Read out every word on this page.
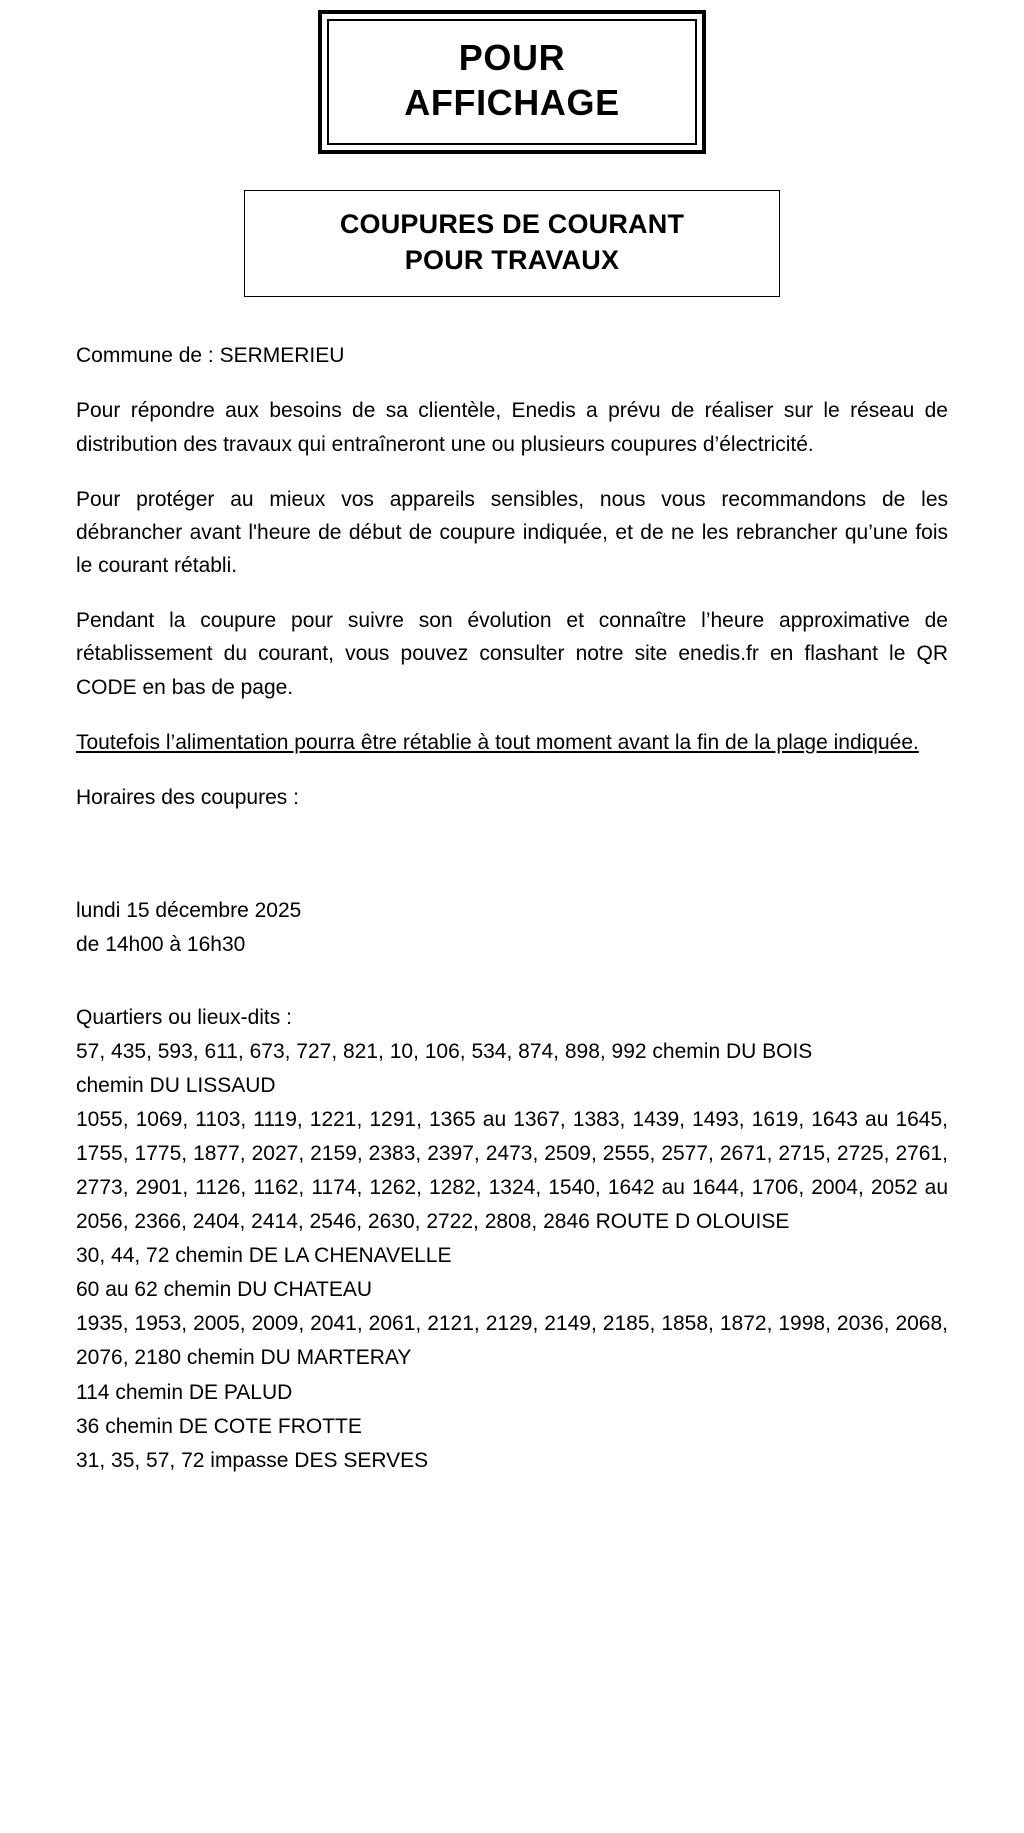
POUR
AFFICHAGE
COUPURES DE COURANT
POUR TRAVAUX

Commune de : SERMERIEU

Pour répondre aux besoins de sa clientèle, Enedis a prévu de réaliser sur le réseau de distribution des travaux qui entraîneront une ou plusieurs coupures d’électricité.

Pour protéger au mieux vos appareils sensibles, nous vous recommandons de les débrancher avant l'heure de début de coupure indiquée, et de ne les rebrancher qu’une fois le courant rétabli.

Pendant la coupure pour suivre son évolution et connaître l’heure approximative de rétablissement du courant, vous pouvez consulter notre site enedis.fr en flashant le QR CODE en bas de page.

Toutefois l’alimentation pourra être rétablie à tout moment avant la fin de la plage indiquée.

Horaires des coupures :

lundi 15 décembre 2025

de 14h00 à 16h30

Quartiers ou lieux-dits :

57, 435, 593, 611, 673, 727, 821, 10, 106, 534, 874, 898, 992 chemin DU BOIS

chemin DU LISSAUD

1055, 1069, 1103, 1119, 1221, 1291, 1365 au 1367, 1383, 1439, 1493, 1619, 1643 au 1645, 1755, 1775, 1877, 2027, 2159, 2383, 2397, 2473, 2509, 2555, 2577, 2671, 2715, 2725, 2761, 2773, 2901, 1126, 1162, 1174, 1262, 1282, 1324, 1540, 1642 au 1644, 1706, 2004, 2052 au 2056, 2366, 2404, 2414, 2546, 2630, 2722, 2808, 2846 ROUTE D OLOUISE

30, 44, 72 chemin DE LA CHENAVELLE

60 au 62 chemin DU CHATEAU

1935, 1953, 2005, 2009, 2041, 2061, 2121, 2129, 2149, 2185, 1858, 1872, 1998, 2036, 2068, 2076, 2180 chemin DU MARTERAY

114 chemin DE PALUD

36 chemin DE COTE FROTTE

31, 35, 57, 72 impasse DES SERVES
